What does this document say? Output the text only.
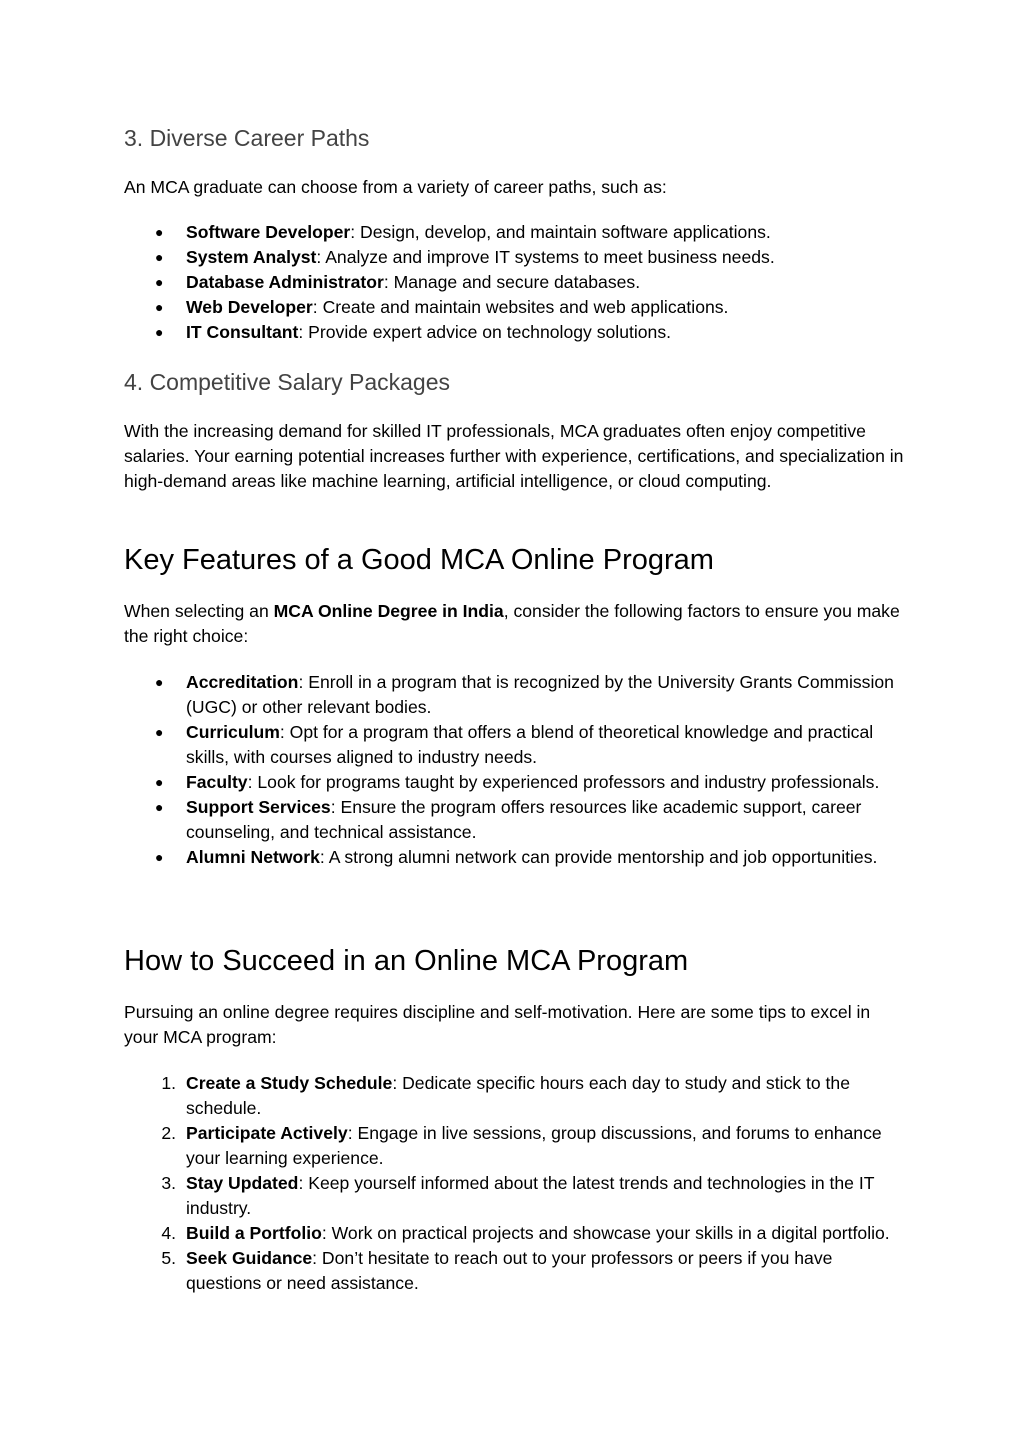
3. Diverse Career Paths

An MCA graduate can choose from a variety of career paths, such as:

●	Software Developer: Design, develop, and maintain software applications.
●	System Analyst: Analyze and improve IT systems to meet business needs.
●	Database Administrator: Manage and secure databases.
●	Web Developer: Create and maintain websites and web applications.
●	IT Consultant: Provide expert advice on technology solutions.
4. Competitive Salary Packages

With the increasing demand for skilled IT professionals, MCA graduates often enjoy competitive salaries. Your earning potential increases further with experience, certifications, and specialization in high-demand areas like machine learning, artificial intelligence, or cloud computing.

Key Features of a Good MCA Online Program

When selecting an MCA Online Degree in India, consider the following factors to ensure you make the right choice:

●	Accreditation: Enroll in a program that is recognized by the University Grants Commission (UGC) or other relevant bodies.
●	Curriculum: Opt for a program that offers a blend of theoretical knowledge and practical skills, with courses aligned to industry needs.
●	Faculty: Look for programs taught by experienced professors and industry professionals.
●	Support Services: Ensure the program offers resources like academic support, career counseling, and technical assistance.
●	Alumni Network: A strong alumni network can provide mentorship and job opportunities.
How to Succeed in an Online MCA Program

Pursuing an online degree requires discipline and self-motivation. Here are some tips to excel in your MCA program:

1. Create a Study Schedule: Dedicate specific hours each day to study and stick to the schedule.
2. Participate Actively: Engage in live sessions, group discussions, and forums to enhance your learning experience.
3. Stay Updated: Keep yourself informed about the latest trends and technologies in the IT industry.
4. Build a Portfolio: Work on practical projects and showcase your skills in a digital portfolio.
5. Seek Guidance: Don’t hesitate to reach out to your professors or peers if you have questions or need assistance.
